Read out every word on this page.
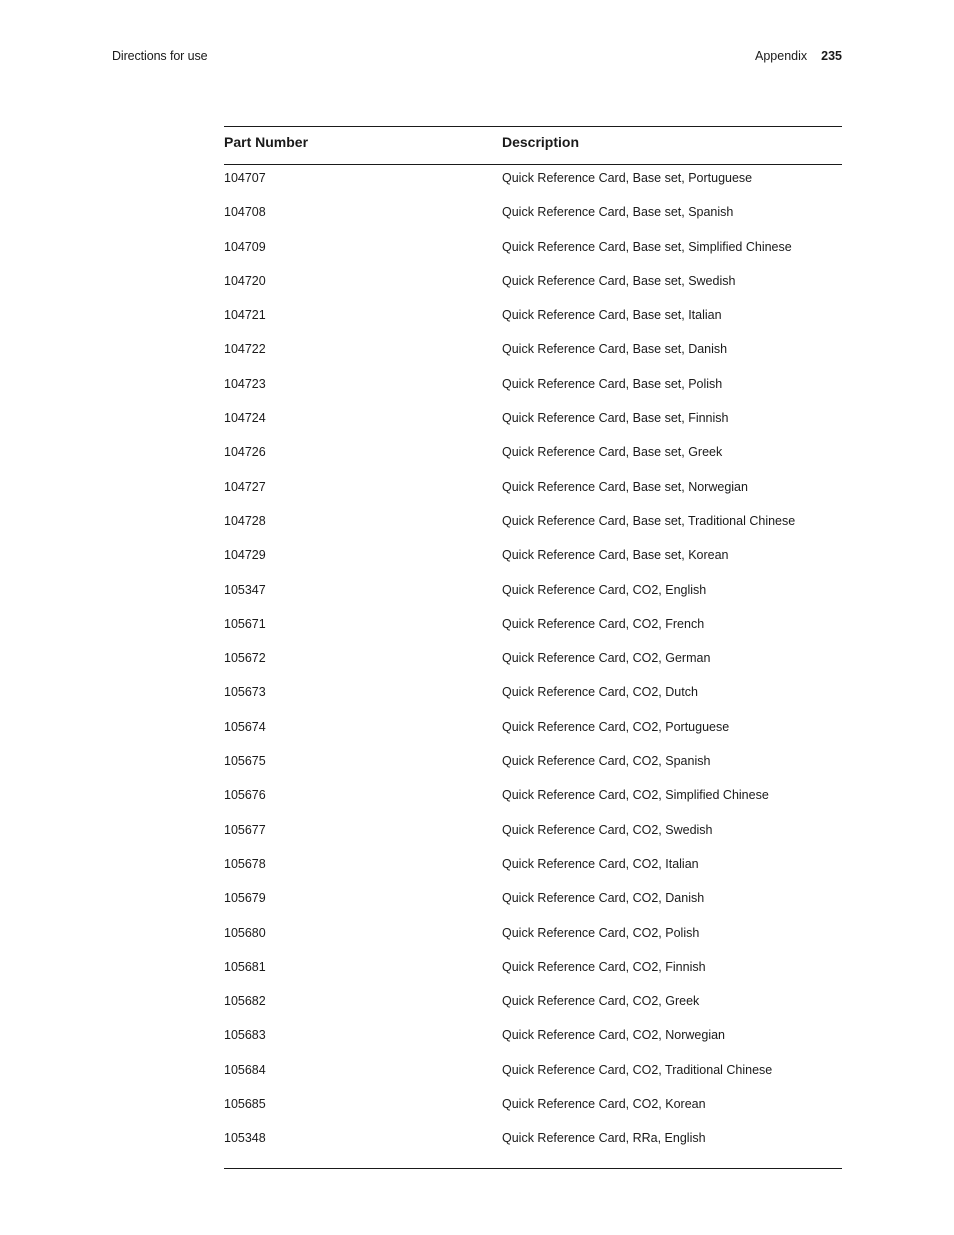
Directions for use	Appendix 235
Part Number	Description
104707	Quick Reference Card, Base set, Portuguese
104708	Quick Reference Card, Base set, Spanish
104709	Quick Reference Card, Base set, Simplified Chinese
104720	Quick Reference Card, Base set, Swedish
104721	Quick Reference Card, Base set, Italian
104722	Quick Reference Card, Base set, Danish
104723	Quick Reference Card, Base set, Polish
104724	Quick Reference Card, Base set, Finnish
104726	Quick Reference Card, Base set, Greek
104727	Quick Reference Card, Base set, Norwegian
104728	Quick Reference Card, Base set, Traditional Chinese
104729	Quick Reference Card, Base set, Korean
105347	Quick Reference Card, CO2, English
105671	Quick Reference Card, CO2, French
105672	Quick Reference Card, CO2, German
105673	Quick Reference Card, CO2, Dutch
105674	Quick Reference Card, CO2, Portuguese
105675	Quick Reference Card, CO2, Spanish
105676	Quick Reference Card, CO2, Simplified Chinese
105677	Quick Reference Card, CO2, Swedish
105678	Quick Reference Card, CO2, Italian
105679	Quick Reference Card, CO2, Danish
105680	Quick Reference Card, CO2, Polish
105681	Quick Reference Card, CO2, Finnish
105682	Quick Reference Card, CO2, Greek
105683	Quick Reference Card, CO2, Norwegian
105684	Quick Reference Card, CO2, Traditional Chinese
105685	Quick Reference Card, CO2, Korean
105348	Quick Reference Card, RRa, English
